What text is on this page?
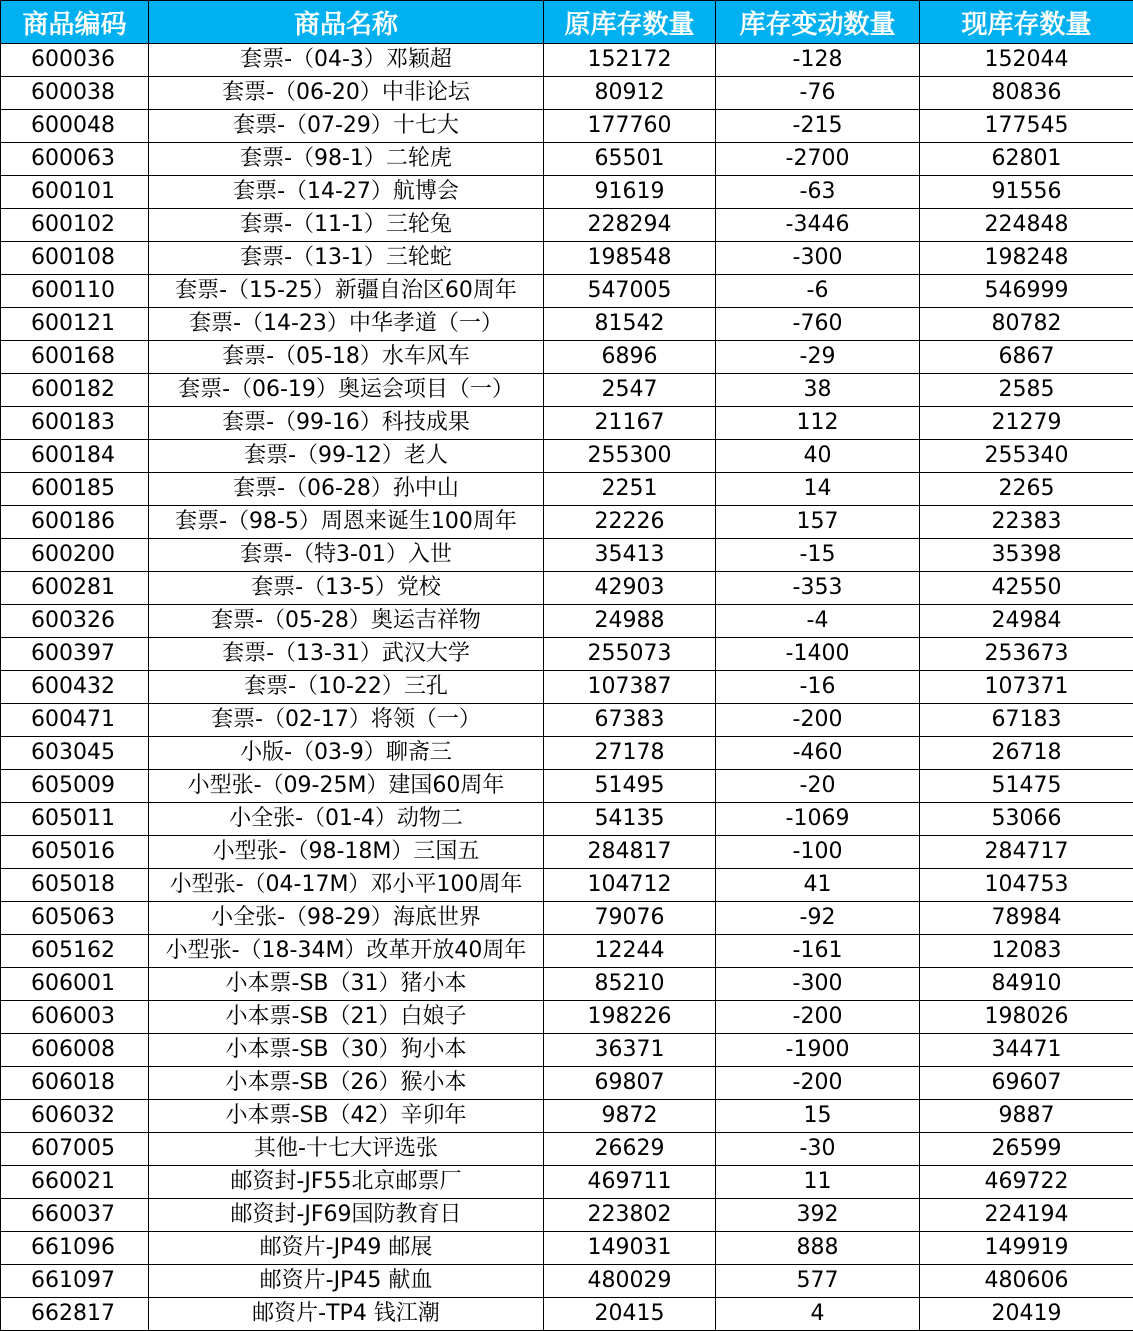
商品编码	商品名称	原库存数量	库存变动数量	现库存数量
600036	套票-（04-3）邓颖超	152172	-128	152044
600038	套票-（06-20）中非论坛	80912	-76	80836
600048	套票-（07-29）十七大	177760	-215	177545
600063	套票-（98-1）二轮虎	65501	-2700	62801
600101	套票-（14-27）航博会	91619	-63	91556
600102	套票-（11-1）三轮兔	228294	-3446	224848
600108	套票-（13-1）三轮蛇	198548	-300	198248
600110	套票-（15-25）新疆自治区60周年	547005	-6	546999
600121	套票-（14-23）中华孝道（一）	81542	-760	80782
600168	套票-（05-18）水车风车	6896	-29	6867
600182	套票-（06-19）奥运会项目（一）	2547	38	2585
600183	套票-（99-16）科技成果	21167	112	21279
600184	套票-（99-12）老人	255300	40	255340
600185	套票-（06-28）孙中山	2251	14	2265
600186	套票-（98-5）周恩来诞生100周年	22226	157	22383
600200	套票-（特3-01）入世	35413	-15	35398
600281	套票-（13-5）党校	42903	-353	42550
600326	套票-（05-28）奥运吉祥物	24988	-4	24984
600397	套票-（13-31）武汉大学	255073	-1400	253673
600432	套票-（10-22）三孔	107387	-16	107371
600471	套票-（02-17）将领（一）	67383	-200	67183
603045	小版-（03-9）聊斋三	27178	-460	26718
605009	小型张-（09-25M）建国60周年	51495	-20	51475
605011	小全张-（01-4）动物二	54135	-1069	53066
605016	小型张-（98-18M）三国五	284817	-100	284717
605018	小型张-（04-17M）邓小平100周年	104712	41	104753
605063	小全张-（98-29）海底世界	79076	-92	78984
605162	小型张-（18-34M）改革开放40周年	12244	-161	12083
606001	小本票-SB（31）猪小本	85210	-300	84910
606003	小本票-SB（21）白娘子	198226	-200	198026
606008	小本票-SB（30）狗小本	36371	-1900	34471
606018	小本票-SB（26）猴小本	69807	-200	69607
606032	小本票-SB（42）辛卯年	9872	15	9887
607005	其他-十七大评选张	26629	-30	26599
660021	邮资封-JF55北京邮票厂	469711	11	469722
660037	邮资封-JF69国防教育日	223802	392	224194
661096	邮资片-JP49 邮展	149031	888	149919
661097	邮资片-JP45 献血	480029	577	480606
662817	邮资片-TP4 钱江潮	20415	4	20419
